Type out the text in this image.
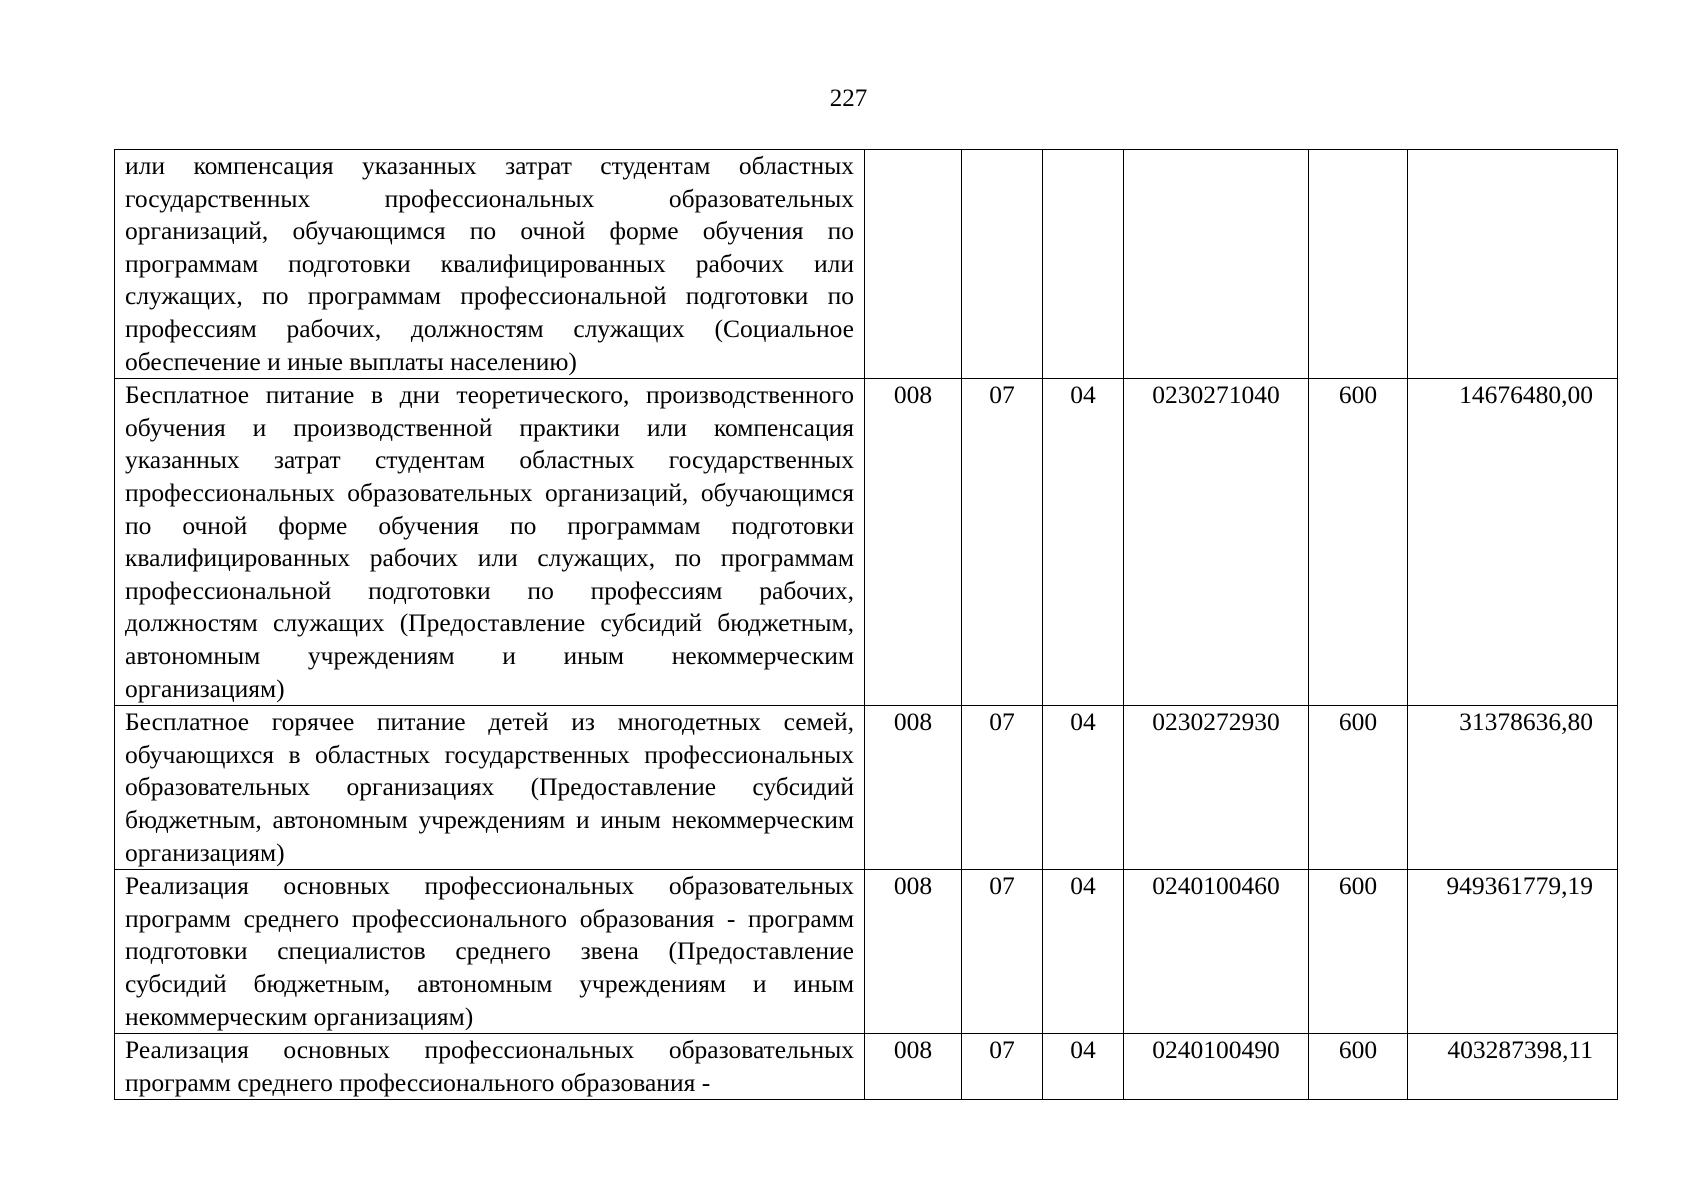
227
или компенсация указанных затрат студентам областных государственных профессиональных образовательных организаций, обучающимся по очной форме обучения по программам подготовки квалифицированных рабочих или служащих, по программам профессиональной подготовки по профессиям рабочих, должностям служащих (Социальное обеспечение и иные выплаты населению)						
Бесплатное питание в дни теоретического, производственного обучения и производственной практики или компенсация указанных затрат студентам областных государственных профессиональных образовательных организаций, обучающимся по очной форме обучения по программам подготовки квалифицированных рабочих или служащих, по программам профессиональной подготовки по профессиям рабочих, должностям служащих (Предоставление субсидий бюджетным, автономным учреждениям и иным некоммерческим организациям)	008	07	04	0230271040	600	14676480,00
Бесплатное горячее питание детей из многодетных семей, обучающихся в областных государственных профессиональных образовательных организациях (Предоставление субсидий бюджетным, автономным учреждениям и иным некоммерческим организациям)	008	07	04	0230272930	600	31378636,80
Реализация основных профессиональных образовательных программ среднего профессионального образования - программ подготовки специалистов среднего звена (Предоставление субсидий бюджетным, автономным учреждениям и иным некоммерческим организациям)	008	07	04	0240100460	600	949361779,19
Реализация основных профессиональных образовательных программ среднего профессионального образования -	008	07	04	0240100490	600	403287398,11
